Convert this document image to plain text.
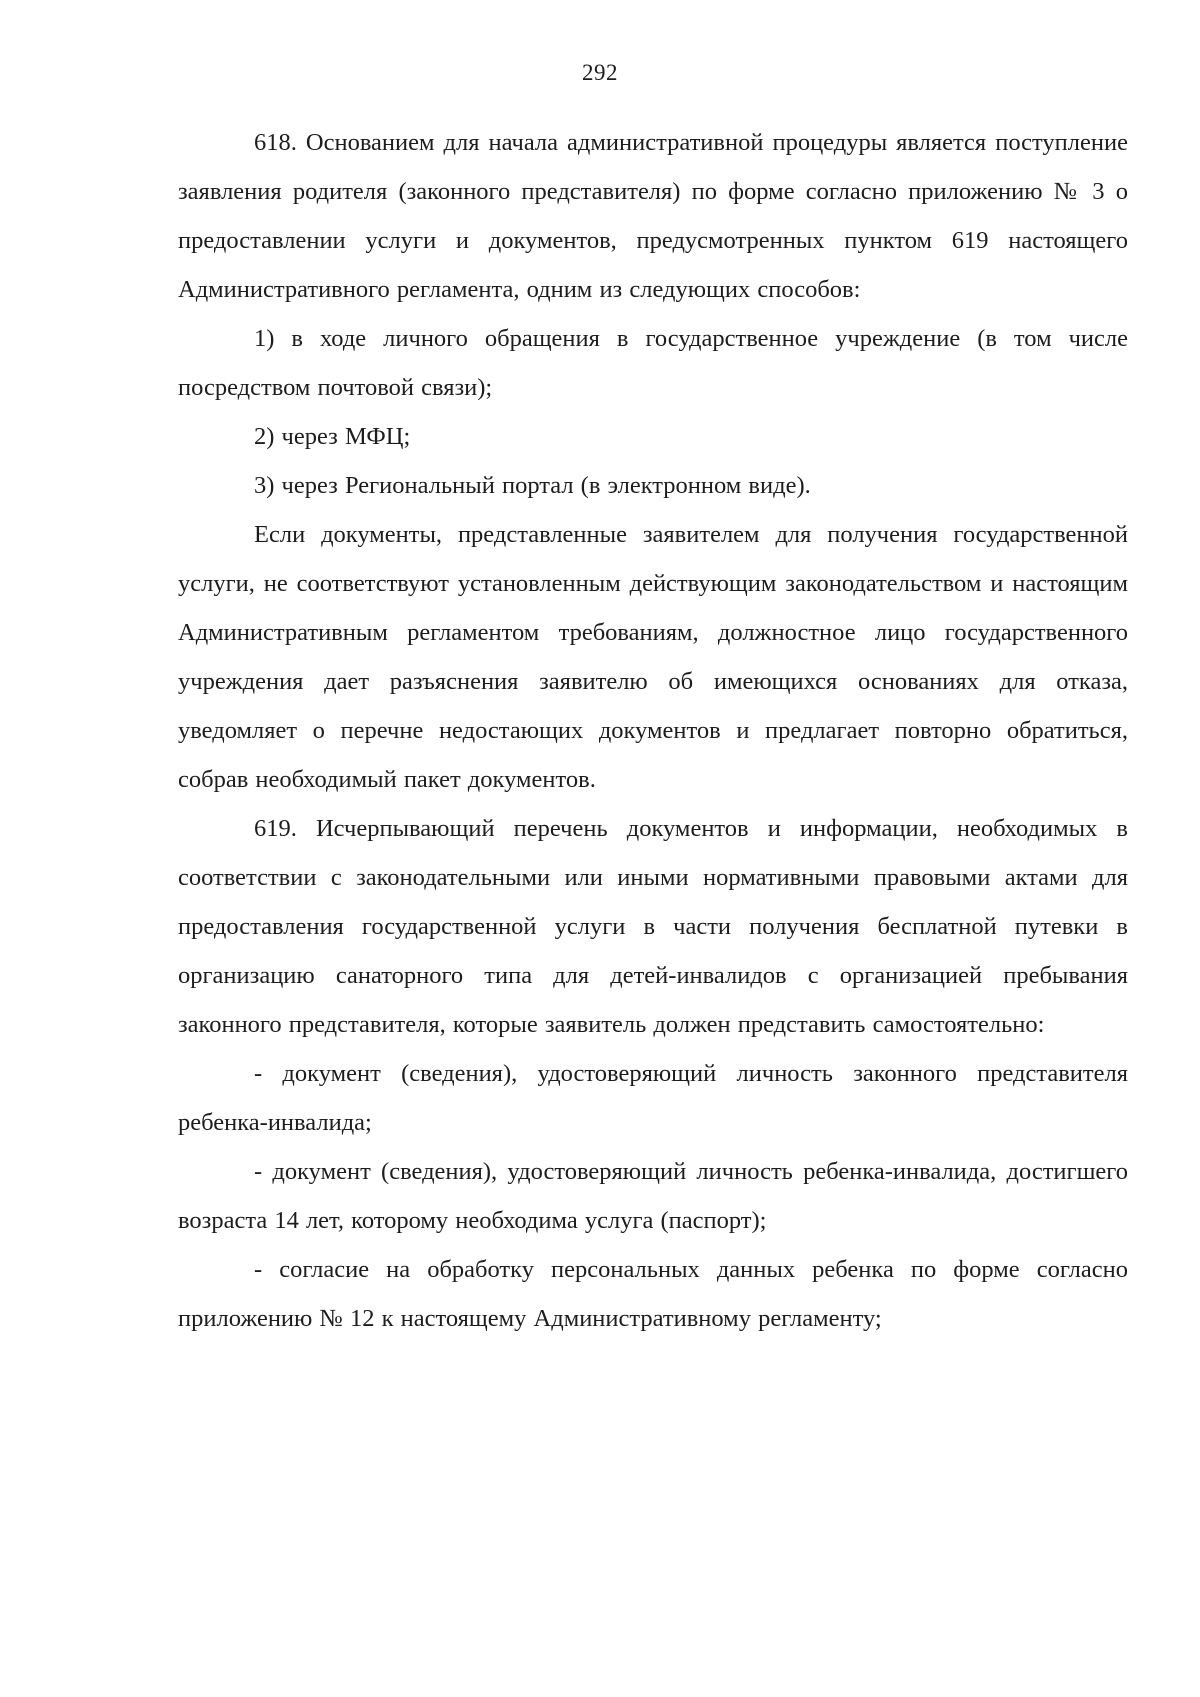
292

618. Основанием для начала административной процедуры является поступление заявления родителя (законного представителя) по форме согласно приложению № 3 о предоставлении услуги и документов, предусмотренных пунктом 619 настоящего Административного регламента, одним из следующих способов:

1) в ходе личного обращения в государственное учреждение (в том числе посредством почтовой связи);

2) через МФЦ;

3) через Региональный портал (в электронном виде).

Если документы, представленные заявителем для получения государственной услуги, не соответствуют установленным действующим законодательством и настоящим Административным регламентом требованиям, должностное лицо государственного учреждения дает разъяснения заявителю об имеющихся основаниях для отказа, уведомляет о перечне недостающих документов и предлагает повторно обратиться, собрав необходимый пакет документов.

619. Исчерпывающий перечень документов и информации, необходимых в соответствии с законодательными или иными нормативными правовыми актами для предоставления государственной услуги в части получения бесплатной путевки в организацию санаторного типа для детей-инвалидов с организацией пребывания законного представителя, которые заявитель должен представить самостоятельно:

- документ (сведения), удостоверяющий личность законного представителя ребенка-инвалида;

- документ (сведения), удостоверяющий личность ребенка-инвалида, достигшего возраста 14 лет, которому необходима услуга (паспорт);

- согласие на обработку персональных данных ребенка по форме согласно приложению № 12 к настоящему Административному регламенту;
